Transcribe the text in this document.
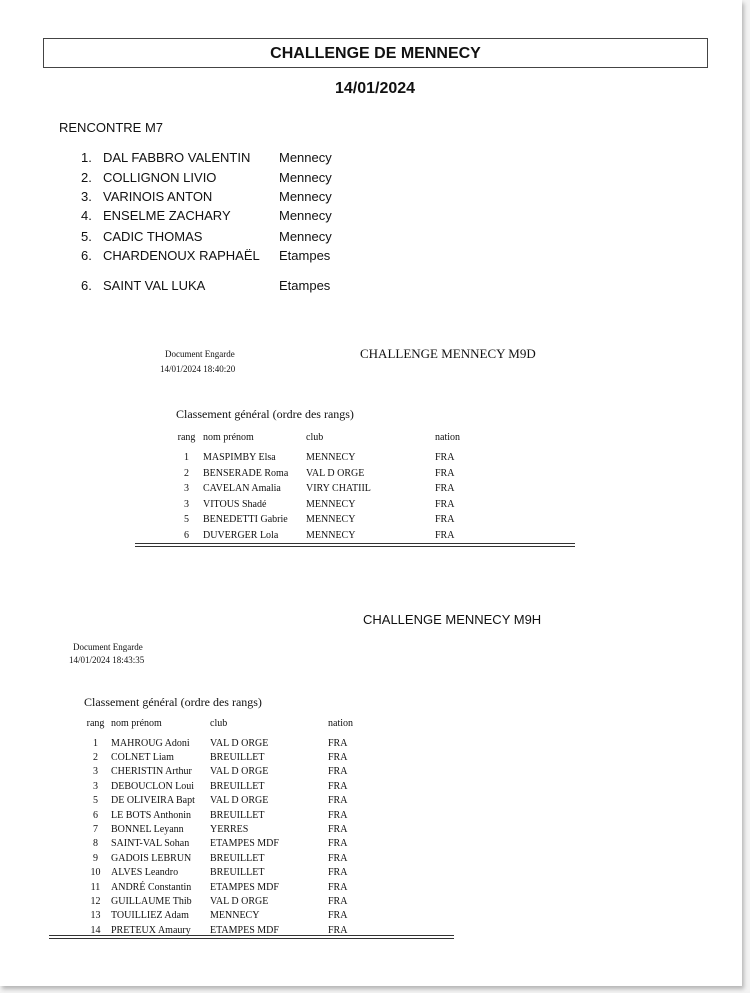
CHALLENGE DE MENNECY
14/01/2024
RENCONTRE M7
1. DAL FABBRO VALENTIN Mennecy
2. COLLIGNON LIVIO	Mennecy
3. VARINOIS ANTON	Mennecy
4. ENSELME ZACHARY	Mennecy
5. CADIC THOMAS	Mennecy
6. CHARDENOUX RAPHAËL Etampes
6. SAINT VAL LUKA	Etampes
Document Engarde
14/01/2024 18:40:20
CHALLENGE MENNECY M9D
Classement général (ordre des rangs)
rang	nom prénom	club	nation
1	MASPIMBY Elsa	MENNECY	FRA
2	BENSERADE Roma	VAL D ORGE	FRA
3	CAVELAN Amalia	VIRY CHATIIL	FRA
3	VITOUS Shadé	MENNECY	FRA
5	BENEDETTI Gabrie	MENNECY	FRA
6	DUVERGER Lola	MENNECY	FRA
CHALLENGE MENNECY M9H
Document Engarde
14/01/2024 18:43:35
Classement général (ordre des rangs)
rang	nom prénom	club	nation
1	MAHROUG Adoni	VAL D ORGE	FRA
2	COLNET Liam	BREUILLET	FRA
3	CHERISTIN Arthur	VAL D ORGE	FRA
3	DEBOUCLON Loui	BREUILLET	FRA
5	DE OLIVEIRA Bapt	VAL D ORGE	FRA
6	LE BOTS Anthonin	BREUILLET	FRA
7	BONNEL Leyann	YERRES	FRA
8	SAINT-VAL Sohan	ETAMPES MDF	FRA
9	GADOIS LEBRUN	BREUILLET	FRA
10	ALVES Leandro	BREUILLET	FRA
11	ANDRÉ Constantin	ETAMPES MDF	FRA
12	GUILLAUME Thib	VAL D ORGE	FRA
13	TOUILLIEZ Adam	MENNECY	FRA
14	PRETEUX Amaury	ETAMPES MDF	FRA
